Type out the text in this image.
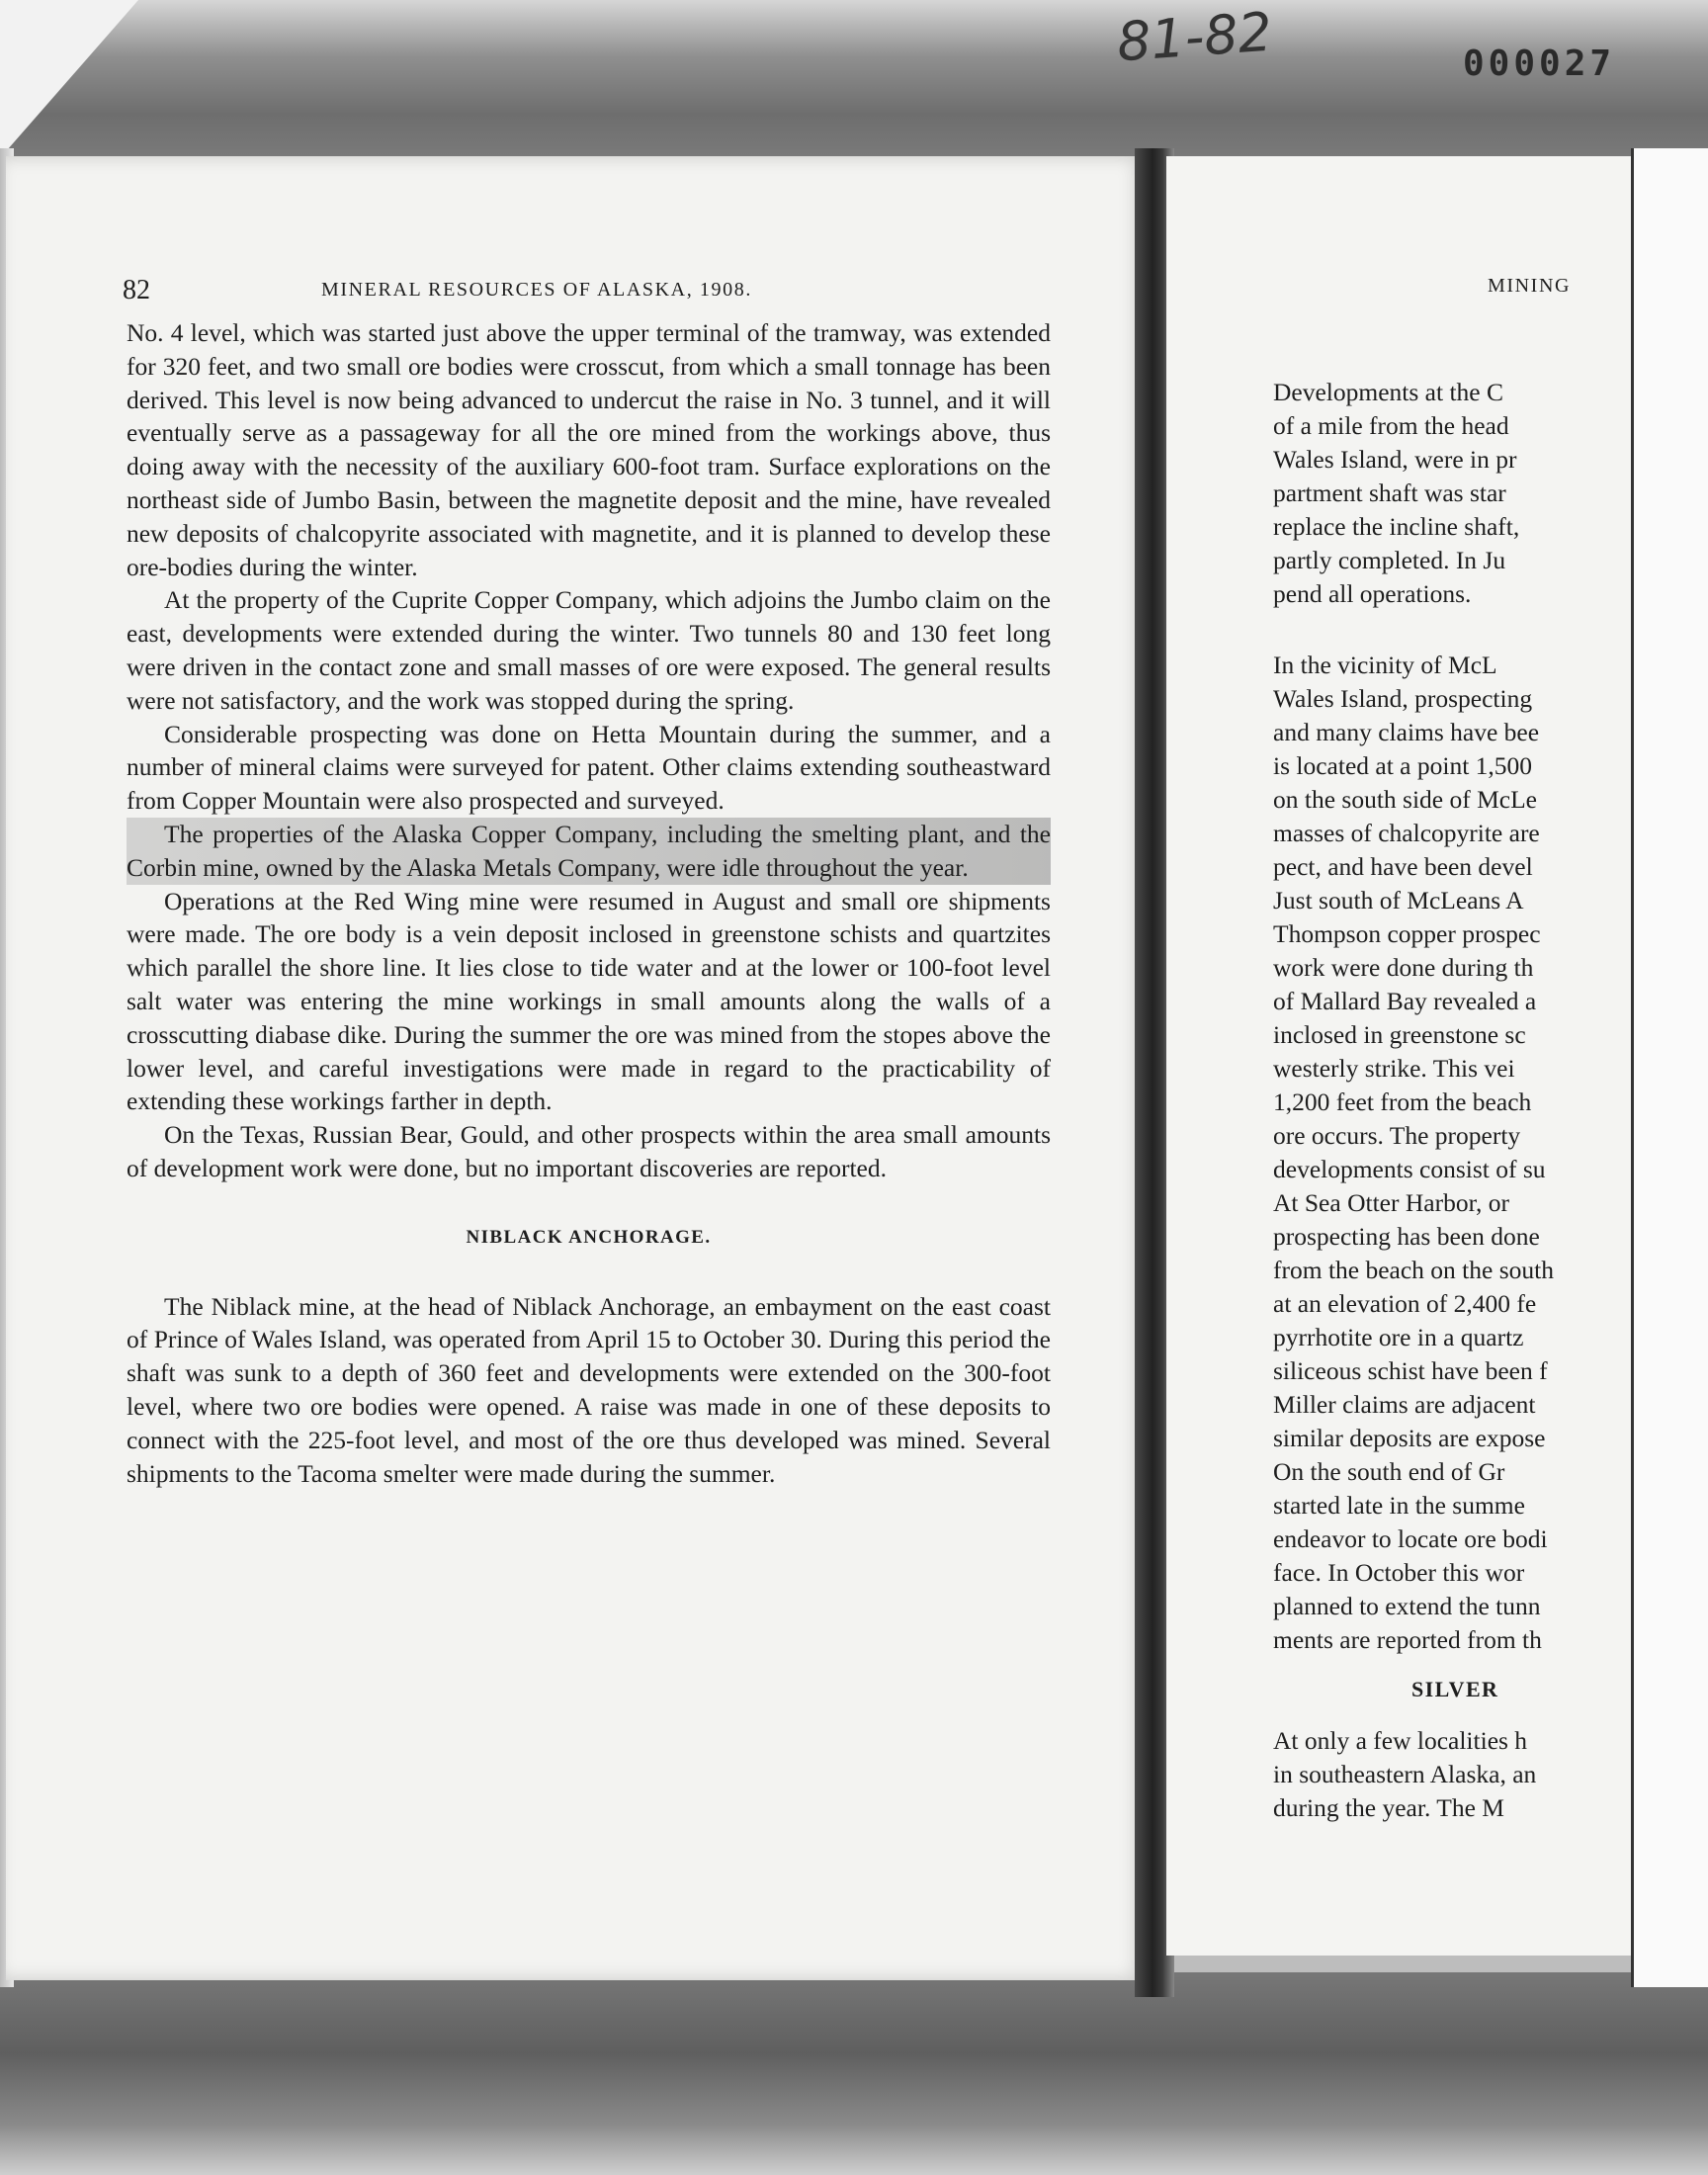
81-82	000027
82	MINERAL RESOURCES OF ALASKA, 1908.

No. 4 level, which was started just above the upper terminal of the tramway, was extended for 320 feet, and two small ore bodies were crosscut, from which a small tonnage has been derived. This level is now being advanced to undercut the raise in No. 3 tunnel, and it will eventually serve as a passageway for all the ore mined from the workings above, thus doing away with the necessity of the auxiliary 600-foot tram. Surface explorations on the northeast side of Jumbo Basin, between the magnetite deposit and the mine, have revealed new deposits of chalcopyrite associated with magnetite, and it is planned to develop these ore-bodies during the winter.

At the property of the Cuprite Copper Company, which adjoins the Jumbo claim on the east, developments were extended during the winter. Two tunnels 80 and 130 feet long were driven in the contact zone and small masses of ore were exposed. The general results were not satisfactory, and the work was stopped during the spring.

Considerable prospecting was done on Hetta Mountain during the summer, and a number of mineral claims were surveyed for patent. Other claims extending southeastward from Copper Mountain were also prospected and surveyed.

The properties of the Alaska Copper Company, including the smelting plant, and the Corbin mine, owned by the Alaska Metals Company, were idle throughout the year.

Operations at the Red Wing mine were resumed in August and small ore shipments were made. The ore body is a vein deposit inclosed in greenstone schists and quartzites which parallel the shore line. It lies close to tide water and at the lower or 100-foot level salt water was entering the mine workings in small amounts along the walls of a crosscutting diabase dike. During the summer the ore was mined from the stopes above the lower level, and careful investigations were made in regard to the practicability of extending these workings farther in depth.

On the Texas, Russian Bear, Gould, and other prospects within the area small amounts of development work were done, but no important discoveries are reported.

NIBLACK ANCHORAGE.

The Niblack mine, at the head of Niblack Anchorage, an embayment on the east coast of Prince of Wales Island, was operated from April 15 to October 30. During this period the shaft was sunk to a depth of 360 feet and developments were extended on the 300-foot level, where two ore bodies were opened. A raise was made in one of these deposits to connect with the 225-foot level, and most of the ore thus developed was mined. Several shipments to the Tacoma smelter were made during the summer.

MINING
Developments at the C
of a mile from the head
Wales Island, were in pr
partment shaft was star
replace the incline shaft,
partly completed. In Ju
pend all operations.
In the vicinity of McL
Wales Island, prospecting
and many claims have bee
is located at a point 1,500
on the south side of McLe
masses of chalcopyrite are
pect, and have been devel
Just south of McLeans A
Thompson copper prospec
work were done during th
of Mallard Bay revealed a
inclosed in greenstone sc
westerly strike. This vei
1,200 feet from the beach
ore occurs. The property
developments consist of su
At Sea Otter Harbor, or
prospecting has been done
from the beach on the south
at an elevation of 2,400 fe
pyrrhotite ore in a quartz
siliceous schist have been f
Miller claims are adjacent
similar deposits are expose
On the south end of Gr
started late in the summe
endeavor to locate ore bodi
face. In October this wor
planned to extend the tunn
ments are reported from th
SILVER
At only a few localities h
in southeastern Alaska, an
during the year. The M
